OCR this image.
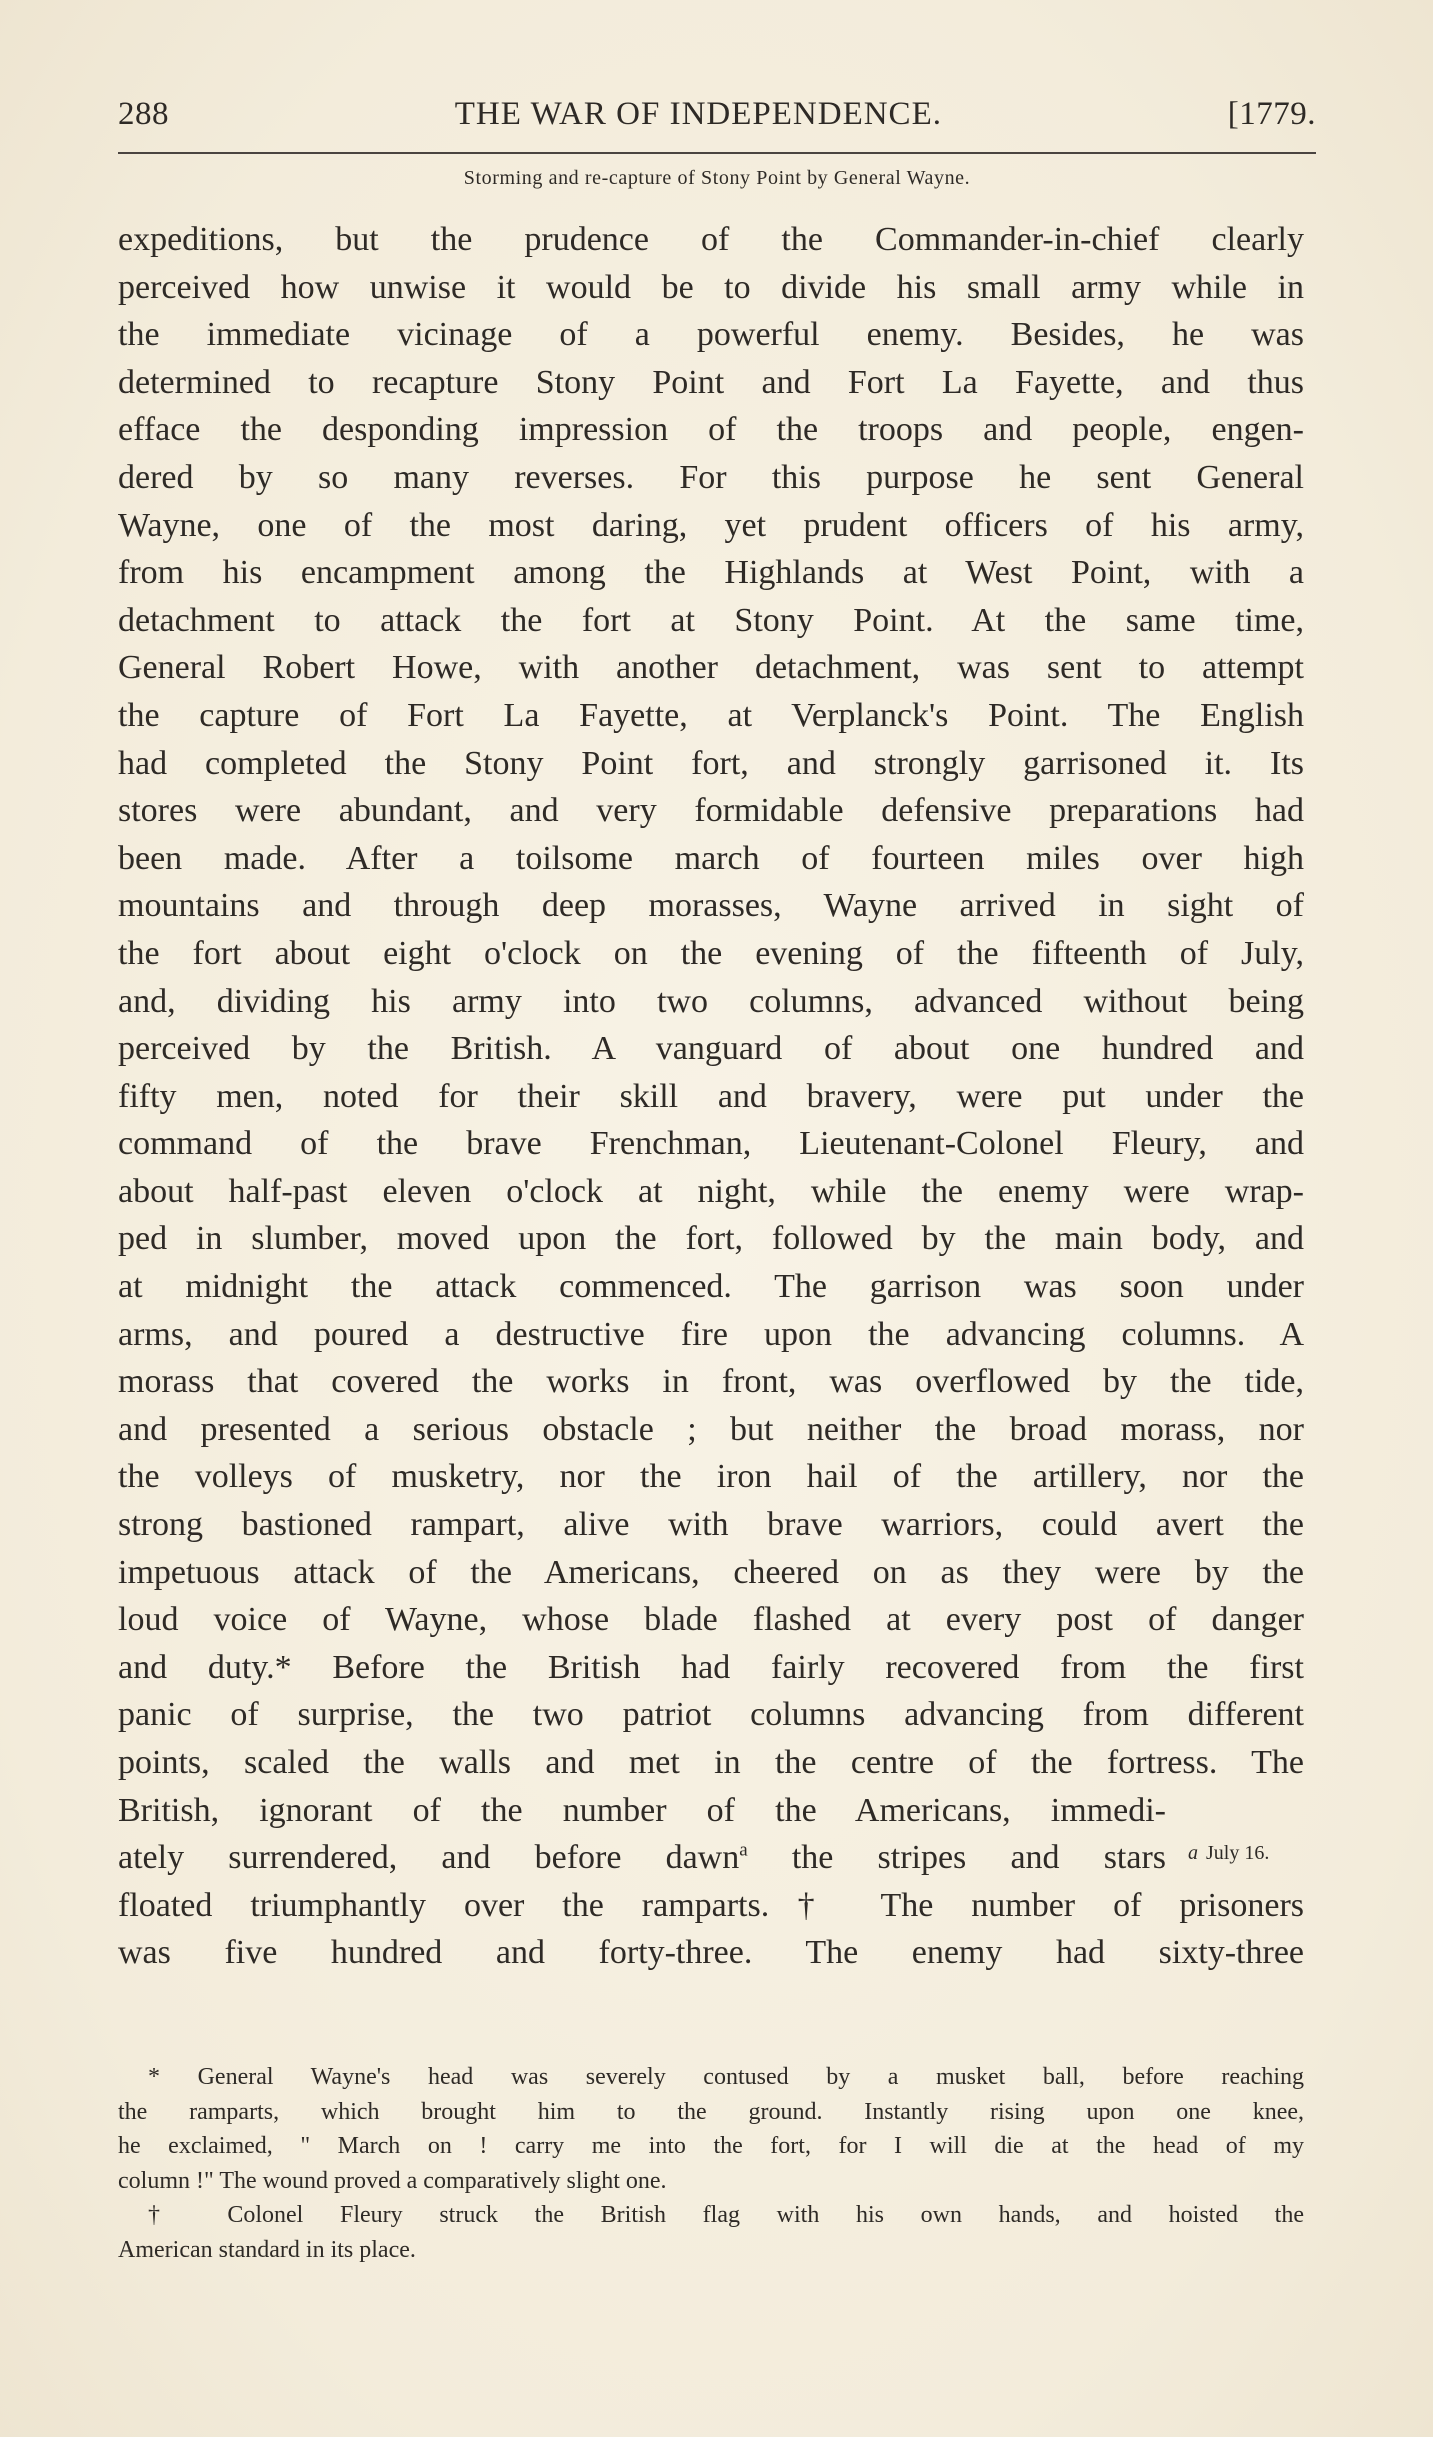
288	THE WAR OF INDEPENDENCE.	[1779.
Storming and re-capture of Stony Point by General Wayne.
expeditions, but the prudence of the Commander-in-chief clearly
perceived how unwise it would be to divide his small army while in
the immediate vicinage of a powerful enemy. Besides, he was
determined to recapture Stony Point and Fort La Fayette, and thus
efface the desponding impression of the troops and people, engen-
dered by so many reverses. For this purpose he sent General
Wayne, one of the most daring, yet prudent officers of his army,
from his encampment among the Highlands at West Point, with a
detachment to attack the fort at Stony Point. At the same time,
General Robert Howe, with another detachment, was sent to attempt
the capture of Fort La Fayette, at Verplanck's Point. The English
had completed the Stony Point fort, and strongly garrisoned it. Its
stores were abundant, and very formidable defensive preparations had
been made. After a toilsome march of fourteen miles over high
mountains and through deep morasses, Wayne arrived in sight of
the fort about eight o'clock on the evening of the fifteenth of July,
and, dividing his army into two columns, advanced without being
perceived by the British. A vanguard of about one hundred and
fifty men, noted for their skill and bravery, were put under the
command of the brave Frenchman, Lieutenant-Colonel Fleury, and
about half-past eleven o'clock at night, while the enemy were wrap-
ped in slumber, moved upon the fort, followed by the main body, and
at midnight the attack commenced. The garrison was soon under
arms, and poured a destructive fire upon the advancing columns. A
morass that covered the works in front, was overflowed by the tide,
and presented a serious obstacle ; but neither the broad morass, nor
the volleys of musketry, nor the iron hail of the artillery, nor the
strong bastioned rampart, alive with brave warriors, could avert the
impetuous attack of the Americans, cheered on as they were by the
loud voice of Wayne, whose blade flashed at every post of danger
and duty.* Before the British had fairly recovered from the first
panic of surprise, the two patriot columns advancing from different
points, scaled the walls and met in the centre of the fortress. The
British, ignorant of the number of the Americans, immedi-
ately surrendered, and before dawn$^a$ the stripes and stars
floated triumphantly over the ramparts.† The number of prisoners
was five hundred and forty-three. The enemy had sixty-three
a July 16.
* General Wayne's head was severely contused by a musket ball, before reaching
the ramparts, which brought him to the ground. Instantly rising upon one knee,
he exclaimed, " March on ! carry me into the fort, for I will die at the head of my
column !" The wound proved a comparatively slight one.
† Colonel Fleury struck the British flag with his own hands, and hoisted the
American standard in its place.
